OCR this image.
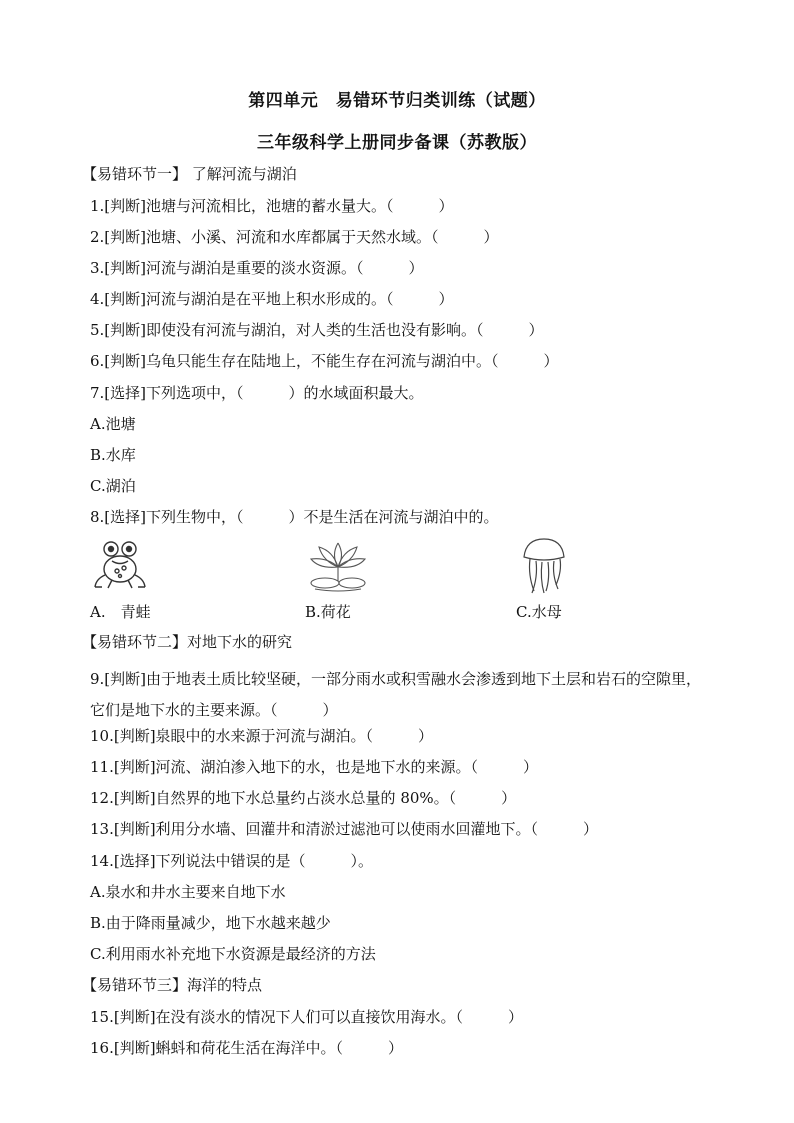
第四单元　易错环节归类训练（试题）
三年级科学上册同步备课（苏教版）
【易错环节一】 了解河流与湖泊
1.[判断]池塘与河流相比，池塘的蓄水量大。（　　　）
2.[判断]池塘、小溪、河流和水库都属于天然水域。（　　　）
3.[判断]河流与湖泊是重要的淡水资源。（　　　）
4.[判断]河流与湖泊是在平地上积水形成的。（　　　）
5.[判断]即使没有河流与湖泊，对人类的生活也没有影响。（　　　）
6.[判断]乌龟只能生存在陆地上，不能生存在河流与湖泊中。（　　　）
7.[选择]下列选项中，（　　　）的水域面积最大。
A.池塘
B.水库
C.湖泊
8.[选择]下列生物中，（　　　）不是生活在河流与湖泊中的。
A.　青蛙	B.荷花	C.水母
【易错环节二】对地下水的研究
9.[判断]由于地表土质比较坚硬，一部分雨水或积雪融水会渗透到地下土层和岩石的空隙里，它们是地下水的主要来源。（　　　）
10.[判断]泉眼中的水来源于河流与湖泊。（　　　）
11.[判断]河流、湖泊渗入地下的水，也是地下水的来源。（　　　）
12.[判断]自然界的地下水总量约占淡水总量的 80%。（　　　）
13.[判断]利用分水墙、回灌井和清淤过滤池可以使雨水回灌地下。（　　　）
14.[选择]下列说法中错误的是（　　　）。
A.泉水和井水主要来自地下水
B.由于降雨量减少，地下水越来越少
C.利用雨水补充地下水资源是最经济的方法
【易错环节三】海洋的特点
15.[判断]在没有淡水的情况下人们可以直接饮用海水。（　　　）
16.[判断]蝌蚪和荷花生活在海洋中。（　　　）
